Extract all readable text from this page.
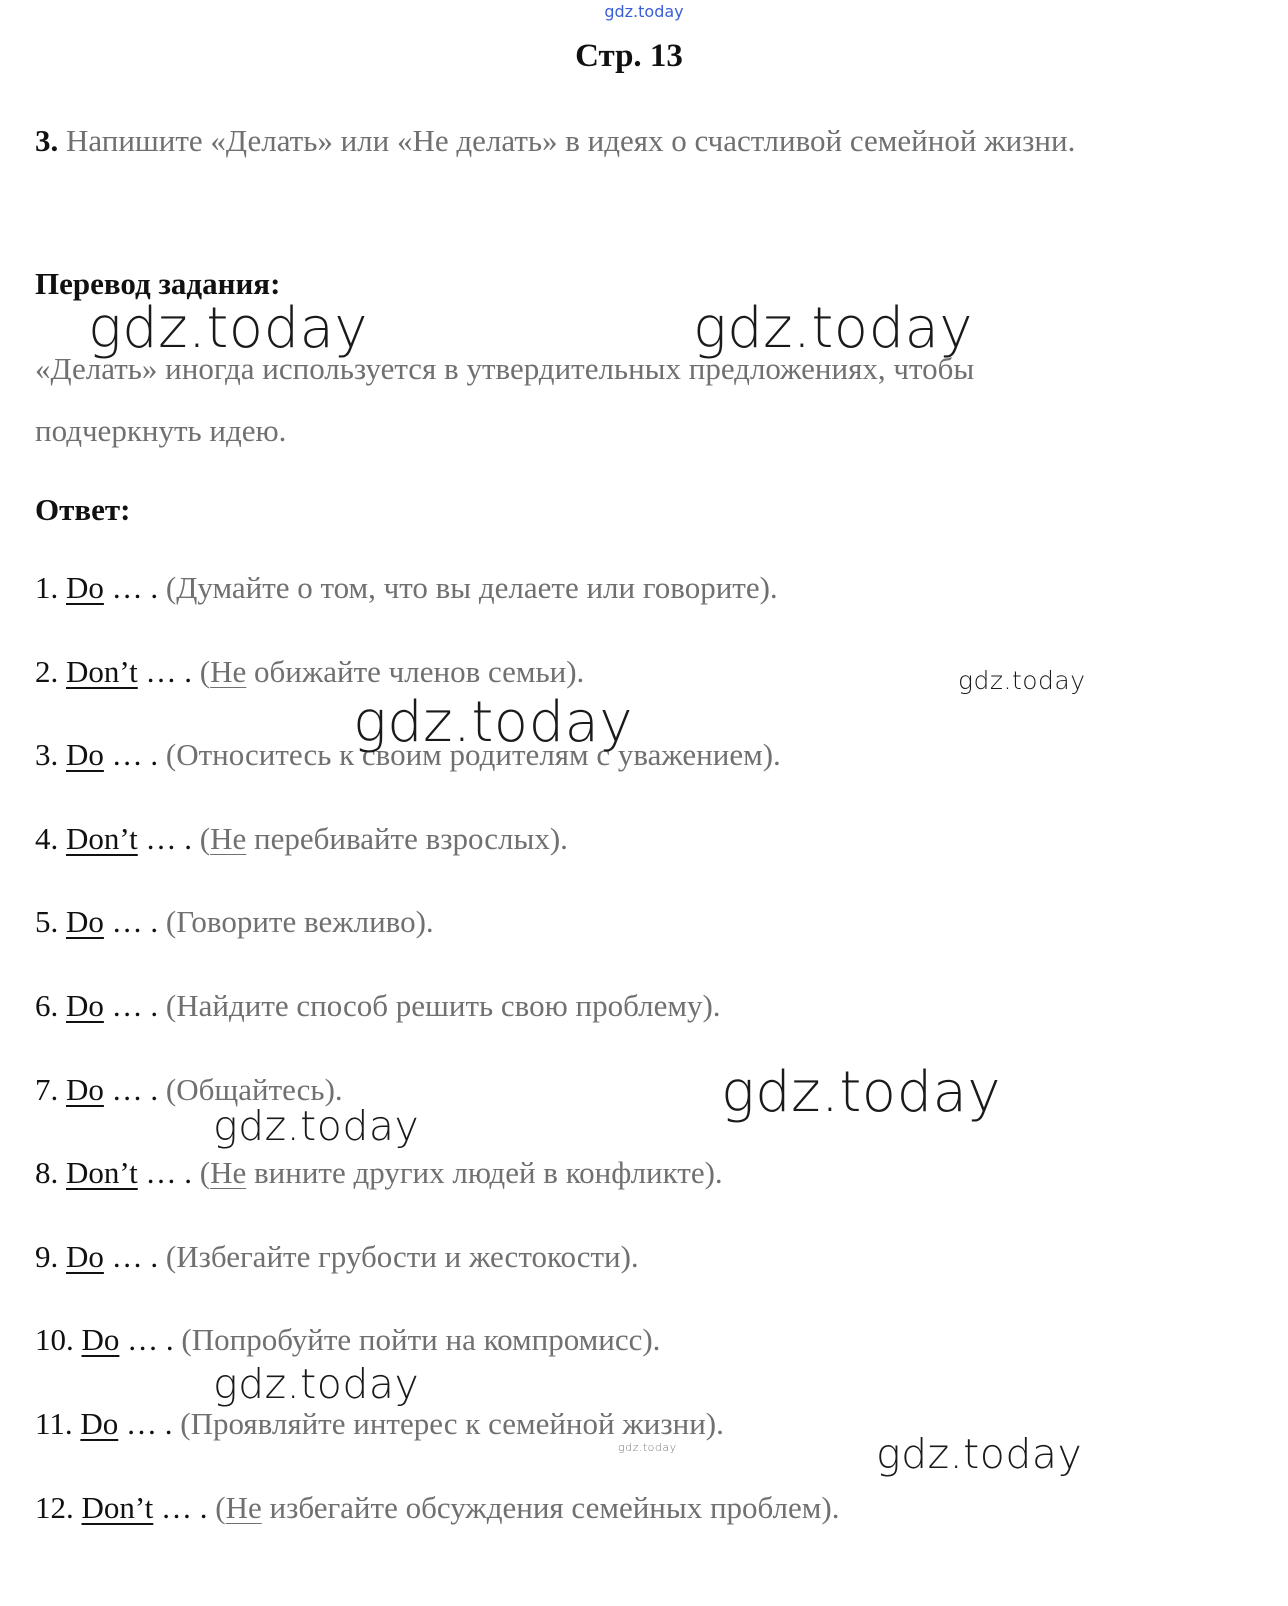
gdz.today
Стр. 13
3. Напишите «Делать» или «Не делать» в идеях о счастливой семейной жизни.
Перевод задания:
«Делать» иногда используется в утвердительных предложениях, чтобы подчеркнуть идею.
Ответ:
1. Do … . (Думайте о том, что вы делаете или говорите).
2. Don’t … . (Не обижайте членов семьи).
3. Do … . (Относитесь к своим родителям с уважением).
4. Don’t … . (Не перебивайте взрослых).
5. Do … . (Говорите вежливо).
6. Do … . (Найдите способ решить свою проблему).
7. Do … . (Общайтесь).
8. Don’t … . (Не вините других людей в конфликте).
9. Do … . (Избегайте грубости и жестокости).
10. Do … . (Попробуйте пойти на компромисс).
11. Do … . (Проявляйте интерес к семейной жизни).
12. Don’t … . (Не избегайте обсуждения семейных проблем).
gdz.today	gdz.today
gdz.today
gdz.today
gdz.today
gdz.today
gdz.today
gdz.today	gdz.today
